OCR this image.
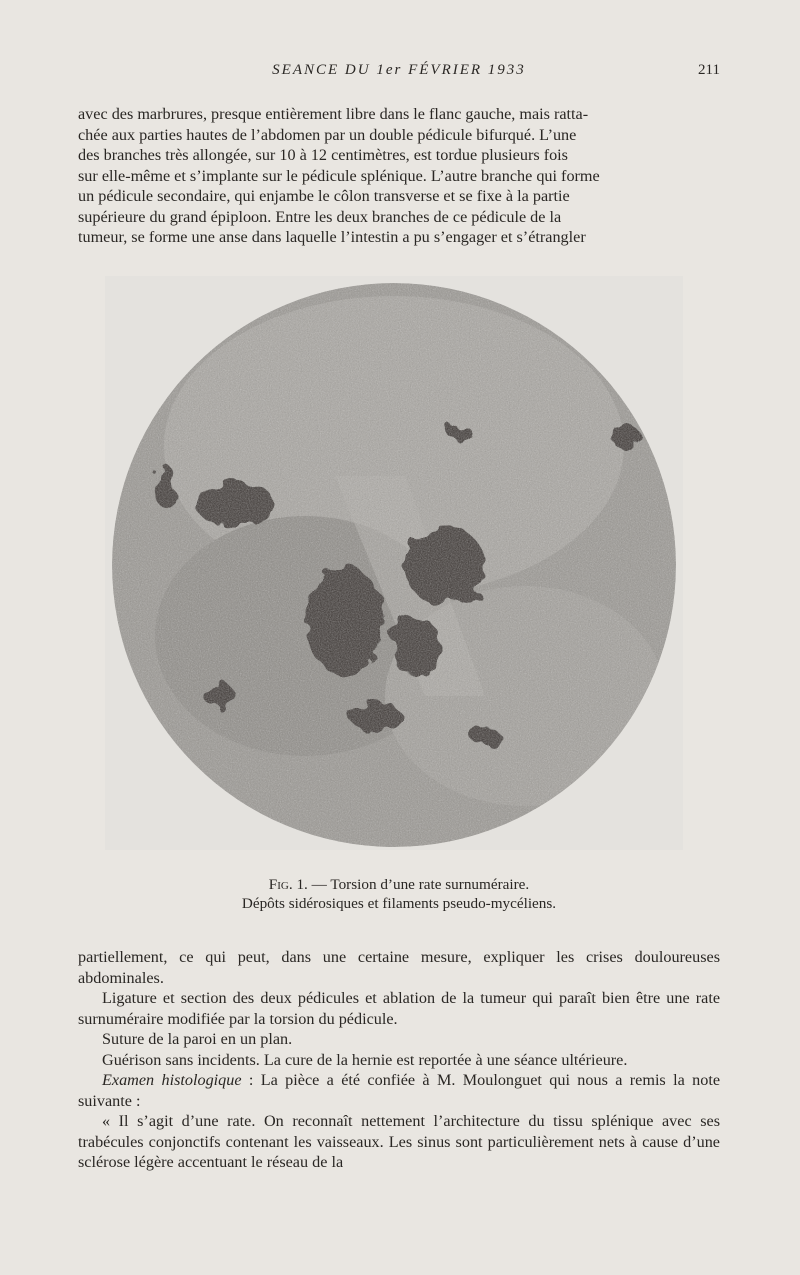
SEANCE DU 1er FÉVRIER 1933	211

avec des marbrures, presque entièrement libre dans le flanc gauche, mais ratta-

chée aux parties hautes de l’abdomen par un double pédicule bifurqué. L’une

des branches très allongée, sur 10 à 12 centimètres, est tordue plusieurs fois

sur elle-même et s’implante sur le pédicule splénique. L’autre branche qui forme

un pédicule secondaire, qui enjambe le côlon transverse et se fixe à la partie

supérieure du grand épiploon. Entre les deux branches de ce pédicule de la

tumeur, se forme une anse dans laquelle l’intestin a pu s’engager et s’étrangler

Fig. 1. — Torsion d’une rate surnuméraire.
Dépôts sidérosiques et filaments pseudo-mycéliens.

partiellement, ce qui peut, dans une certaine mesure, expliquer les crises douloureuses abdominales.

Ligature et section des deux pédicules et ablation de la tumeur qui paraît bien être une rate surnuméraire modifiée par la torsion du pédicule.

Suture de la paroi en un plan.

Guérison sans incidents. La cure de la hernie est reportée à une séance ultérieure.

Examen histologique : La pièce a été confiée à M. Moulonguet qui nous a remis la note suivante :

« Il s’agit d’une rate. On reconnaît nettement l’architecture du tissu splénique avec ses trabécules conjonctifs contenant les vaisseaux. Les sinus sont particulièrement nets à cause d’une sclérose légère accentuant le réseau de la
